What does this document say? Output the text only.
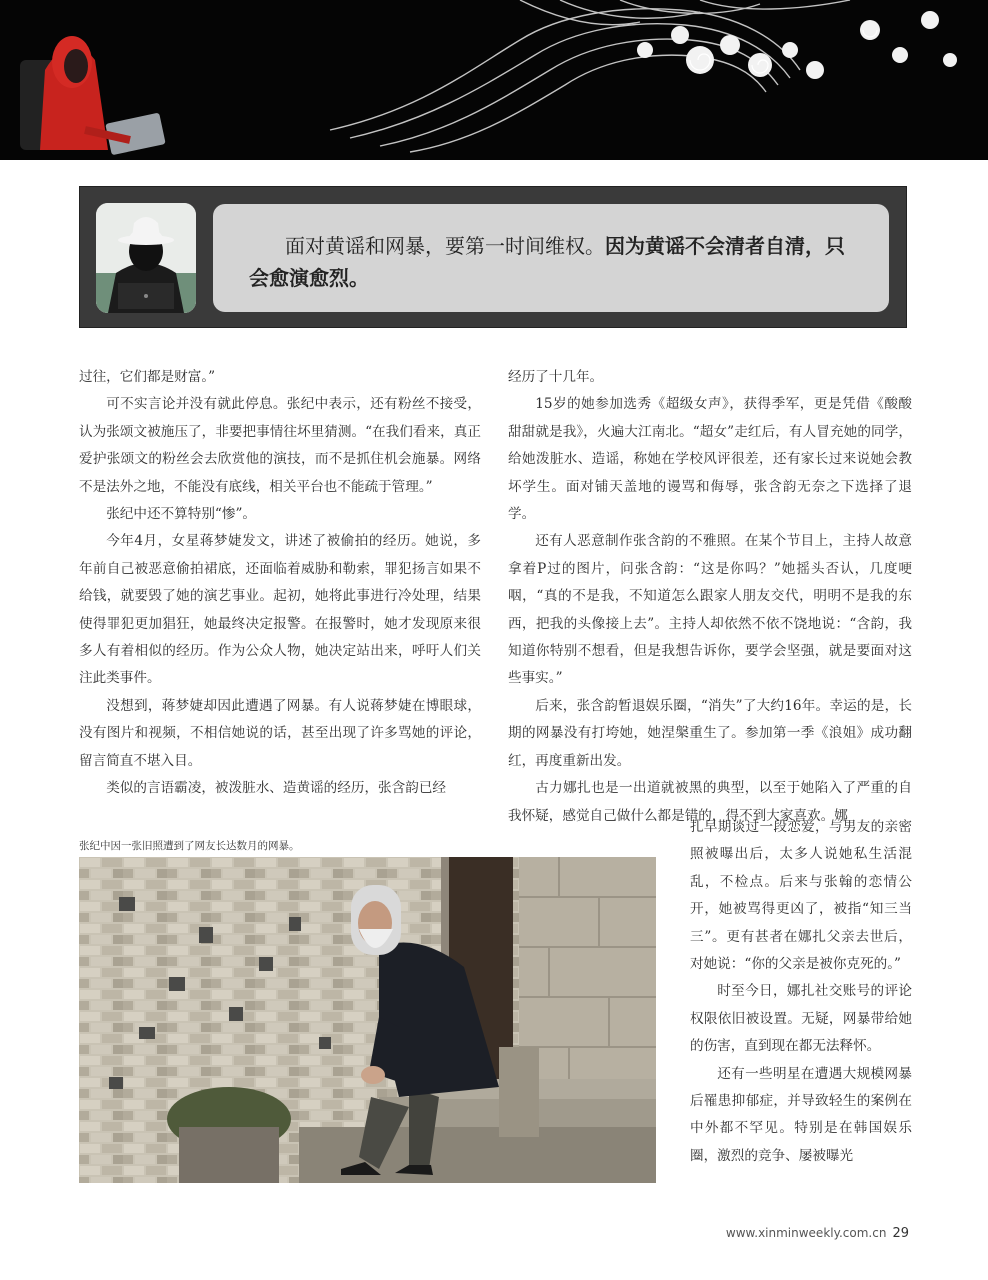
面对黄谣和网暴，要第一时间维权。因为黄谣不会清者自清，只会愈演愈烈。

过往，它们都是财富。”

可不实言论并没有就此停息。张纪中表示，还有粉丝不接受，认为张颂文被施压了，非要把事情往坏里猜测。“在我们看来，真正爱护张颂文的粉丝会去欣赏他的演技，而不是抓住机会施暴。网络不是法外之地，不能没有底线，相关平台也不能疏于管理。”

张纪中还不算特别“惨”。

今年4月，女星蒋梦婕发文，讲述了被偷拍的经历。她说，多年前自己被恶意偷拍裙底，还面临着威胁和勒索，罪犯扬言如果不给钱，就要毁了她的演艺事业。起初，她将此事进行冷处理，结果使得罪犯更加猖狂，她最终决定报警。在报警时，她才发现原来很多人有着相似的经历。作为公众人物，她决定站出来，呼吁人们关注此类事件。

没想到，蒋梦婕却因此遭遇了网暴。有人说蒋梦婕在博眼球，没有图片和视频，不相信她说的话，甚至出现了许多骂她的评论，留言简直不堪入目。

类似的言语霸凌，被泼脏水、造黄谣的经历，张含韵已经

经历了十几年。

15岁的她参加选秀《超级女声》，获得季军，更是凭借《酸酸甜甜就是我》，火遍大江南北。“超女”走红后，有人冒充她的同学，给她泼脏水、造谣，称她在学校风评很差，还有家长过来说她会教坏学生。面对铺天盖地的谩骂和侮辱，张含韵无奈之下选择了退学。

还有人恶意制作张含韵的不雅照。在某个节目上，主持人故意拿着P过的图片，问张含韵：“这是你吗？”她摇头否认，几度哽咽，“真的不是我，不知道怎么跟家人朋友交代，明明不是我的东西，把我的头像接上去”。主持人却依然不依不饶地说：“含韵，我知道你特别不想看，但是我想告诉你，要学会坚强，就是要面对这些事实。”

后来，张含韵暂退娱乐圈，“消失”了大约16年。幸运的是，长期的网暴没有打垮她，她涅槃重生了。参加第一季《浪姐》成功翻红，再度重新出发。

古力娜扎也是一出道就被黑的典型，以至于她陷入了严重的自我怀疑，感觉自己做什么都是错的，得不到大家喜欢。娜

扎早期谈过一段恋爱，与男友的亲密照被曝出后，太多人说她私生活混乱，不检点。后来与张翰的恋情公开，她被骂得更凶了，被指“知三当三”。更有甚者在娜扎父亲去世后，对她说：“你的父亲是被你克死的。”

时至今日，娜扎社交账号的评论权限依旧被设置。无疑，网暴带给她的伤害，直到现在都无法释怀。

还有一些明星在遭遇大规模网暴后罹患抑郁症，并导致轻生的案例在中外都不罕见。特别是在韩国娱乐圈，激烈的竞争、屡被曝光

张纪中因一张旧照遭到了网友长达数月的网暴。
www.xinminweekly.com.cn 29
